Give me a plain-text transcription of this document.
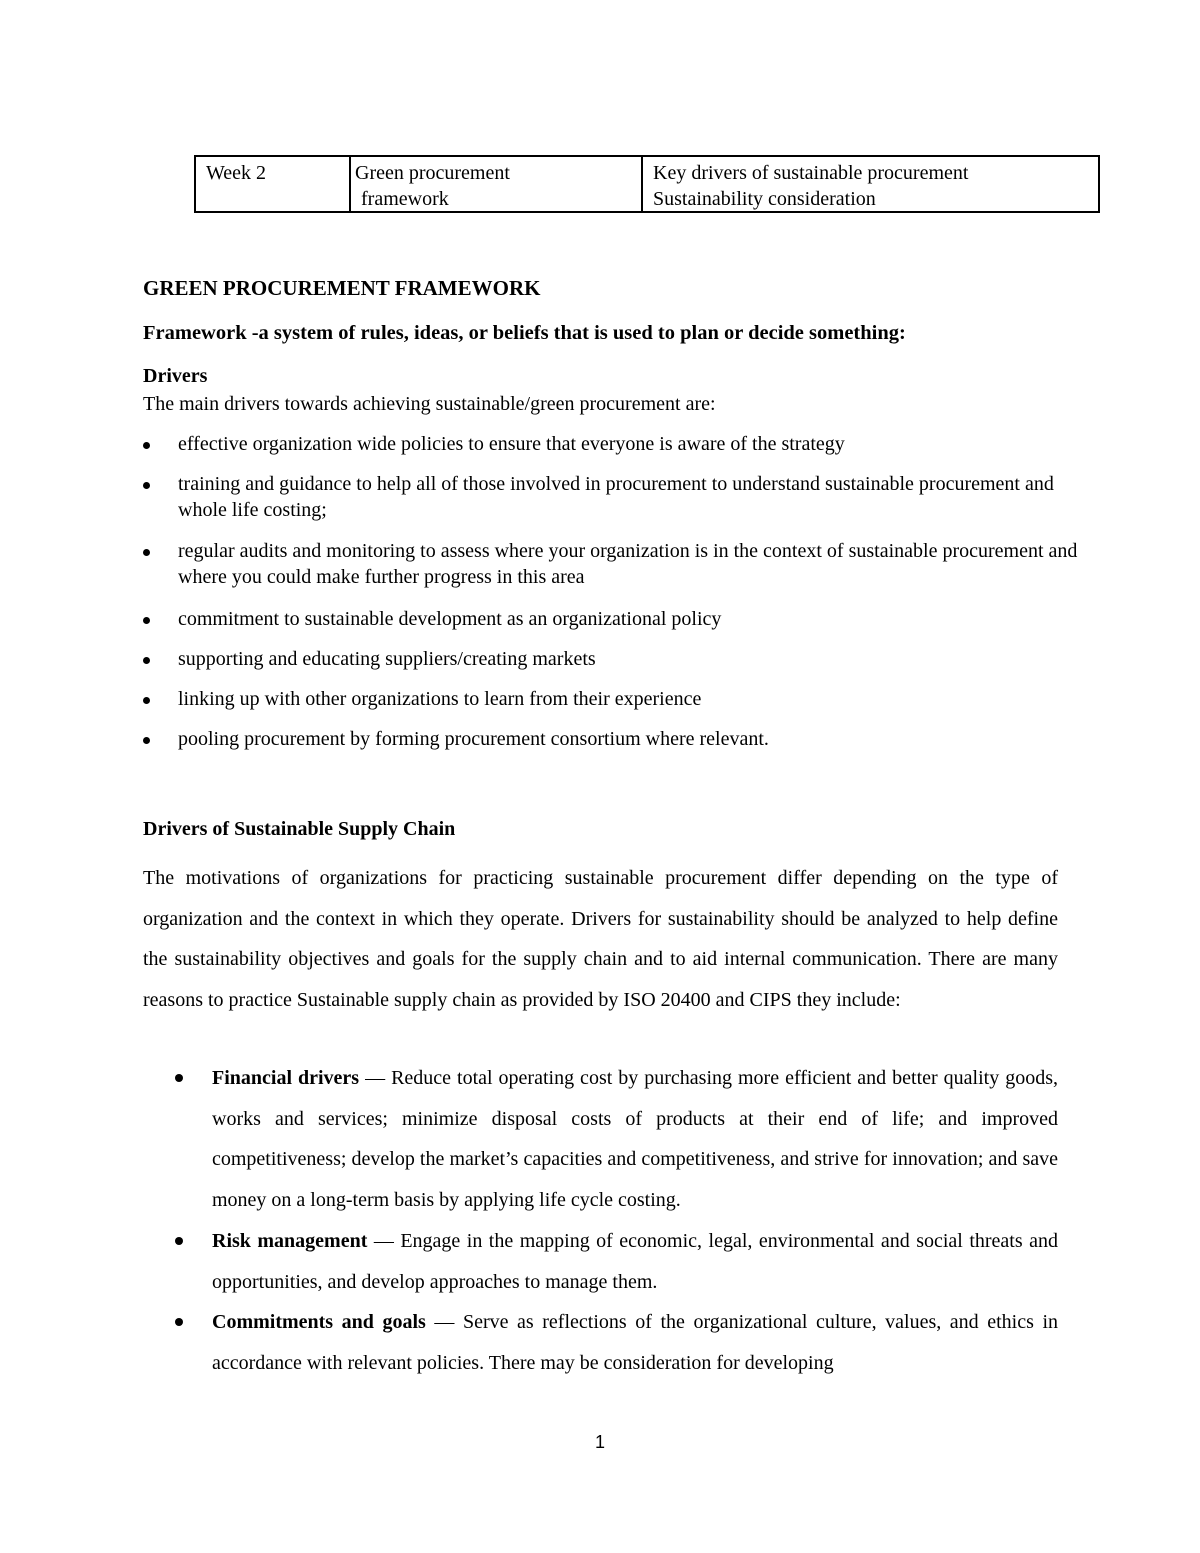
Week 2	Green procurement
framework
Key drivers of sustainable procurement
Sustainability consideration
GREEN PROCUREMENT FRAMEWORK
Framework -a system of rules, ideas, or beliefs that is used to plan or decide something:
Drivers
The main drivers towards achieving sustainable/green procurement are:
effective organization wide policies to ensure that everyone is aware of the strategy
training and guidance to help all of those involved in procurement to understand sustainable procurement and whole life costing;
regular audits and monitoring to assess where your organization is in the context of sustainable procurement and where you could make further progress in this area
commitment to sustainable development as an organizational policy
supporting and educating suppliers/creating markets
linking up with other organizations to learn from their experience
pooling procurement by forming procurement consortium where relevant.
Drivers of Sustainable Supply Chain
The motivations of organizations for practicing sustainable procurement differ depending on the type of organization and the context in which they operate. Drivers for sustainability should be analyzed to help define the sustainability objectives and goals for the supply chain and to aid internal communication. There are many reasons to practice Sustainable supply chain as provided by ISO 20400 and CIPS they include:
Financial drivers — Reduce total operating cost by purchasing more efficient and better quality goods, works and services; minimize disposal costs of products at their end of life; and improved competitiveness; develop the market’s capacities and competitiveness, and strive for innovation; and save money on a long-term basis by applying life cycle costing.
Risk management — Engage in the mapping of economic, legal, environmental and social threats and opportunities, and develop approaches to manage them.
Commitments and goals — Serve as reflections of the organizational culture, values, and ethics in accordance with relevant policies. There may be consideration for developing
1
